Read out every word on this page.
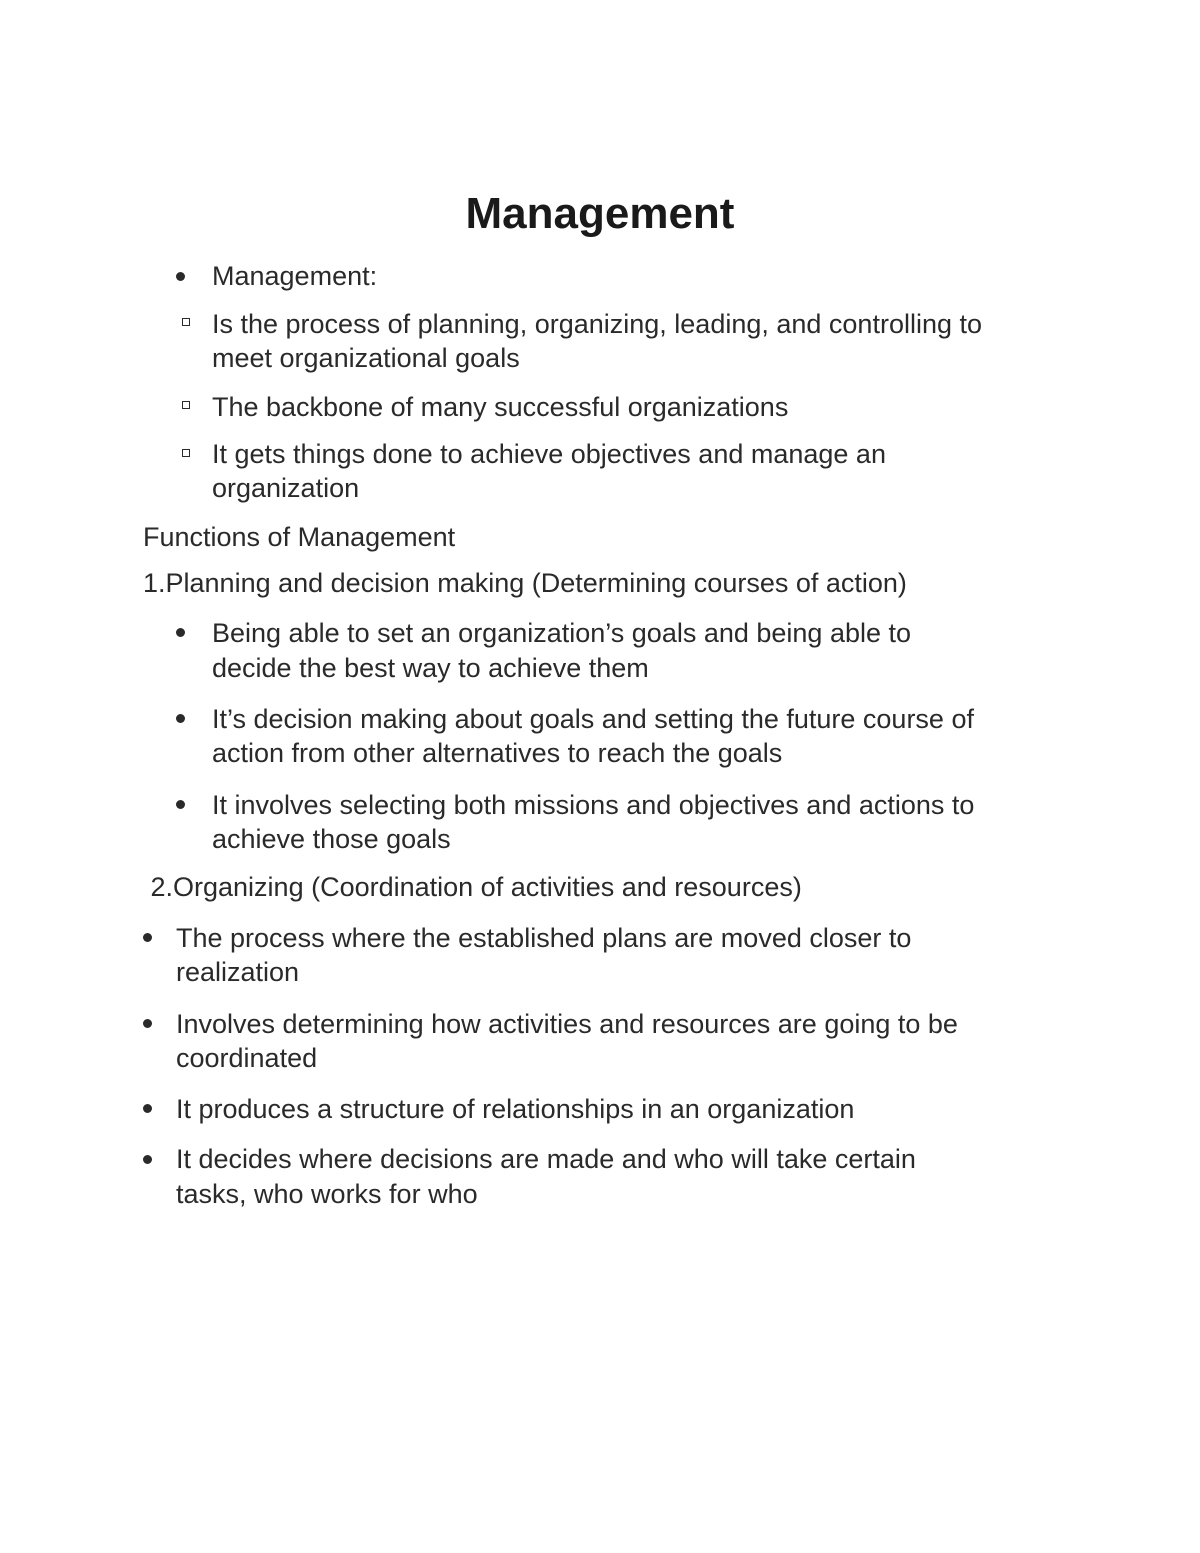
Management
Management:
Is the process of planning, organizing, leading, and controlling to
meet organizational goals
The backbone of many successful organizations
It gets things done to achieve objectives and manage an
organization
Functions of Management
1.Planning and decision making (Determining courses of action)
Being able to set an organization’s goals and being able to
decide the best way to achieve them
It’s decision making about goals and setting the future course of
action from other alternatives to reach the goals
It involves selecting both missions and objectives and actions to
achieve those goals
2.Organizing (Coordination of activities and resources)
The process where the established plans are moved closer to
realization
Involves determining how activities and resources are going to be
coordinated
It produces a structure of relationships in an organization
It decides where decisions are made and who will take certain
tasks, who works for who
